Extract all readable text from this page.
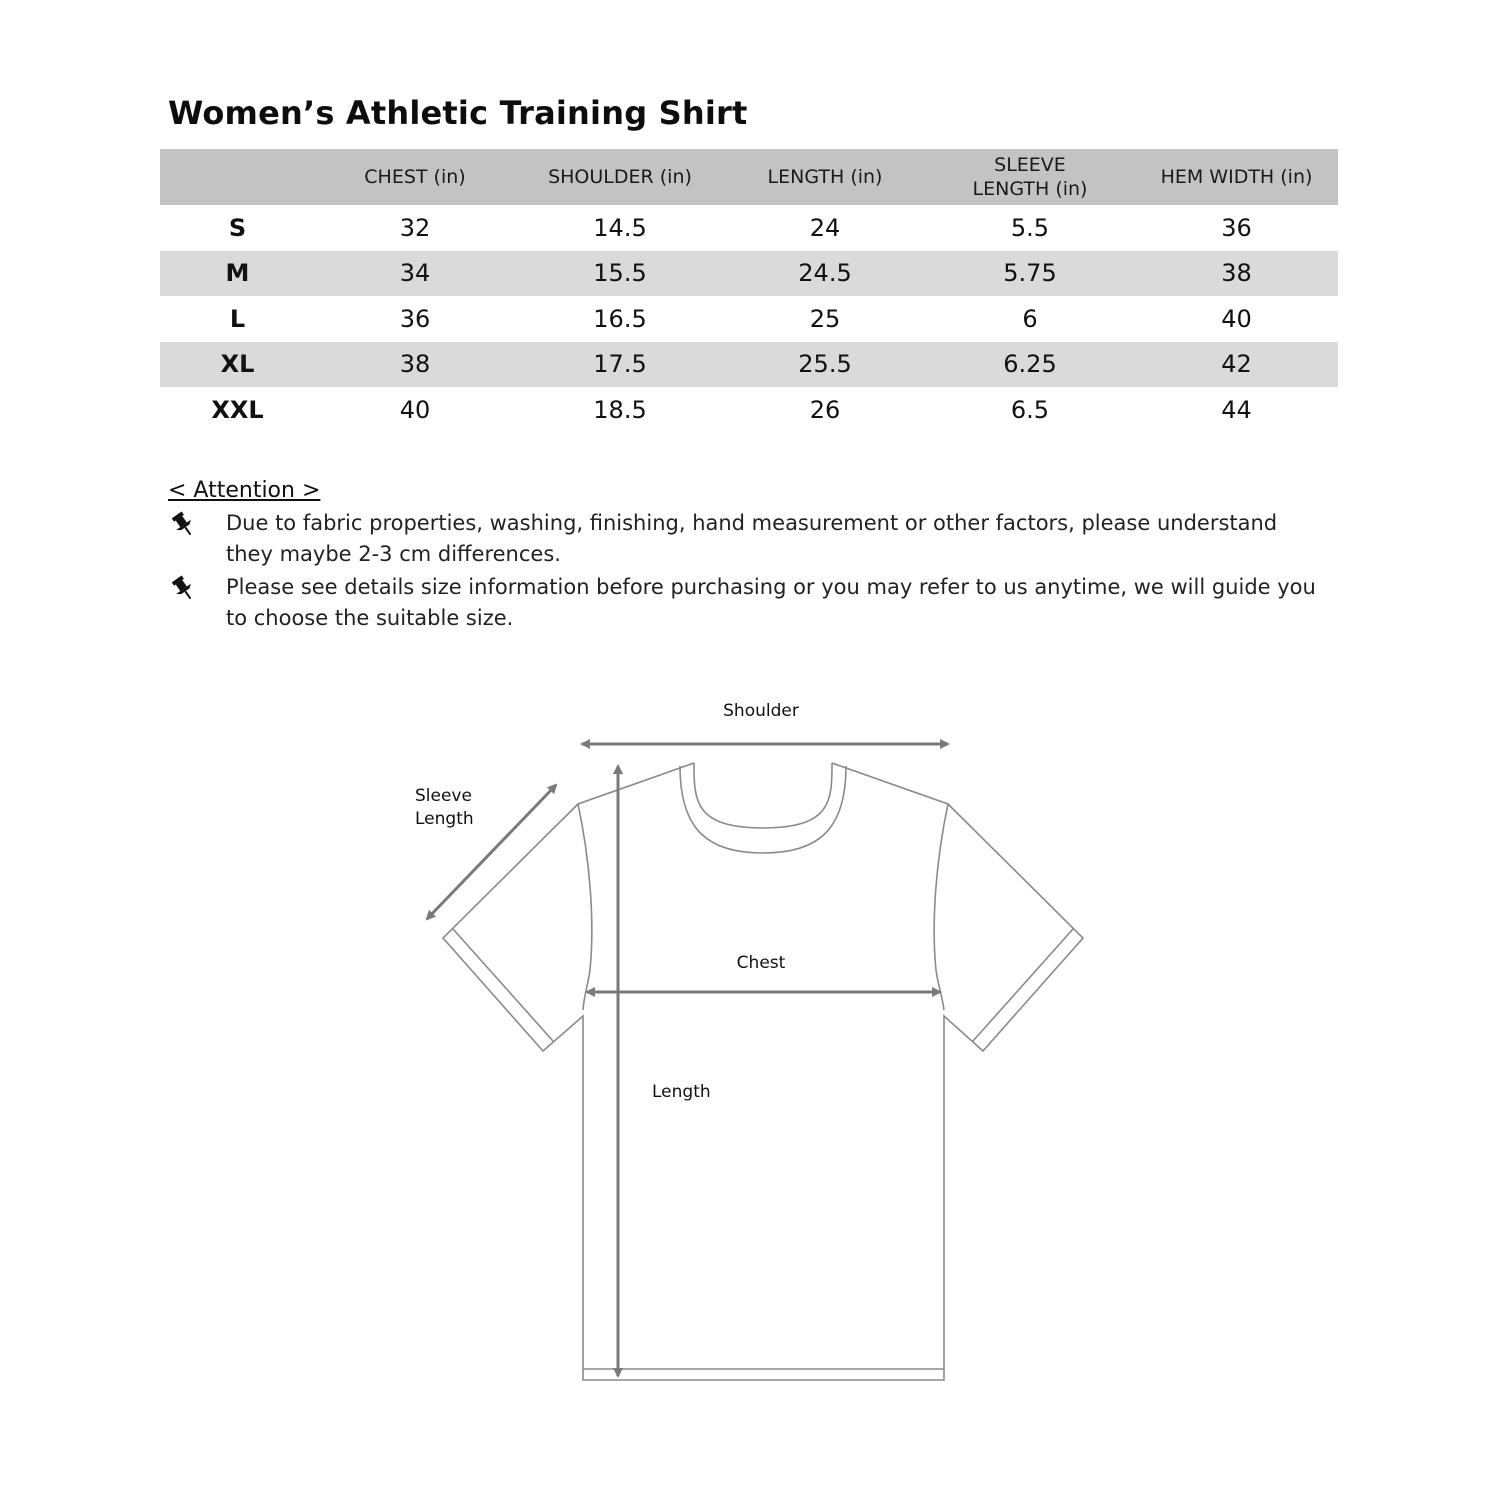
Women’s Athletic Training Shirt
	CHEST (in)	SHOULDER (in)	LENGTH (in)	SLEEVE
LENGTH (in)	HEM WIDTH (in)
S	32	14.5	24	5.5	36
M	34	15.5	24.5	5.75	38
L	36	16.5	25	6	40
XL	38	17.5	25.5	6.25	42
XXL	40	18.5	26	6.5	44
< Attention >
Due to fabric properties, washing, finishing, hand measurement or other factors, please understand they maybe 2-3 cm differences.
Please see details size information before purchasing or you may refer to us anytime, we will guide you to choose the suitable size.
Shoulder
Sleeve
Length
Chest
Length
